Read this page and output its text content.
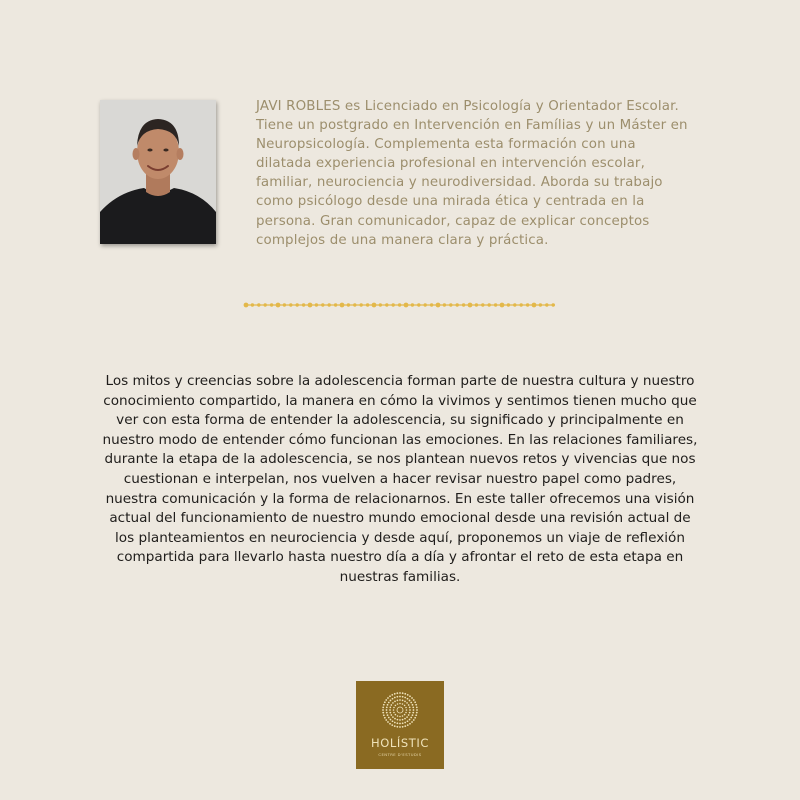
JAVI ROBLES es Licenciado en Psicología y Orientador Escolar.
Tiene un postgrado en Intervención en Famílias y un Máster en
Neuropsicología. Complementa esta formación con una
dilatada experiencia profesional en intervención escolar,
familiar, neurociencia y neurodiversidad. Aborda su trabajo
como psicólogo desde una mirada ética y centrada en la
persona. Gran comunicador, capaz de explicar conceptos
complejos de una manera clara y práctica.

Los mitos y creencias sobre la adolescencia forman parte de nuestra cultura y nuestro
conocimiento compartido, la manera en cómo la vivimos y sentimos tienen mucho que
ver con esta forma de entender la adolescencia, su significado y principalmente en
nuestro modo de entender cómo funcionan las emociones. En las relaciones familiares,
durante la etapa de la adolescencia, se nos plantean nuevos retos y vivencias que nos
cuestionan e interpelan, nos vuelven a hacer revisar nuestro papel como padres,
nuestra comunicación y la forma de relacionarnos. En este taller ofrecemos una visión
actual del funcionamiento de nuestro mundo emocional desde una revisión actual de
los planteamientos en neurociencia y desde aquí, proponemos un viaje de reflexión
compartida para llevarlo hasta nuestro día a día y afrontar el reto de esta etapa en
nuestras familias.

HOLÍSTIC
CENTRE D'ESTUDIS
